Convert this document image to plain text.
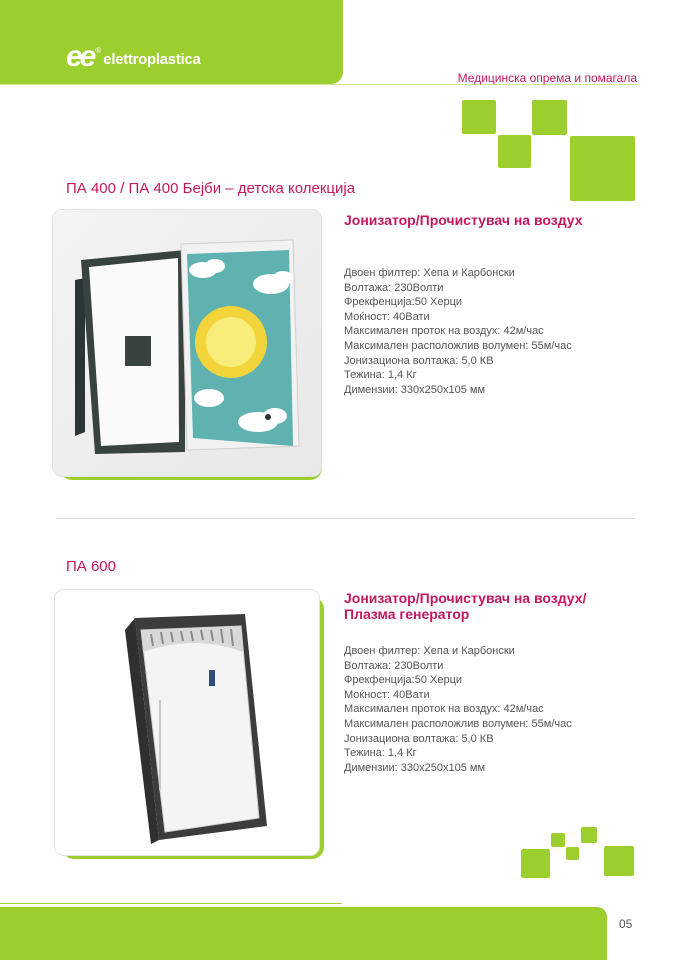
ee ®
elettroplastica
Медицинска опрема и помагала
ПА 400 / ПА 400 Бејби – детска колекција
Јонизатор/Прочистувач на воздух
Двоен филтер: Хепа и Карбонски
Волтажа: 230Волти
Фрекфенција:50 Херци
Моќност: 40Вати
Максимален проток на воздух: 42м/час
Максимален расположлив волумен: 55м/час
Јонизациона волтажа: 5,0 КВ
Тежина: 1,4 Кг
Димензии: 330x250x105 мм
ПА 600
Јонизатор/Прочистувач на воздух/
Плазма генератор
Двоен филтер: Хепа и Карбонски
Волтажа: 230Волти
Фрекфенција:50 Херци
Моќност: 40Вати
Максимален проток на воздух: 42м/час
Максимален расположлив волумен: 55м/час
Јонизациона волтажа: 5,0 КВ
Тежина: 1,4 Кг
Димензии: 330x250x105 мм
05
